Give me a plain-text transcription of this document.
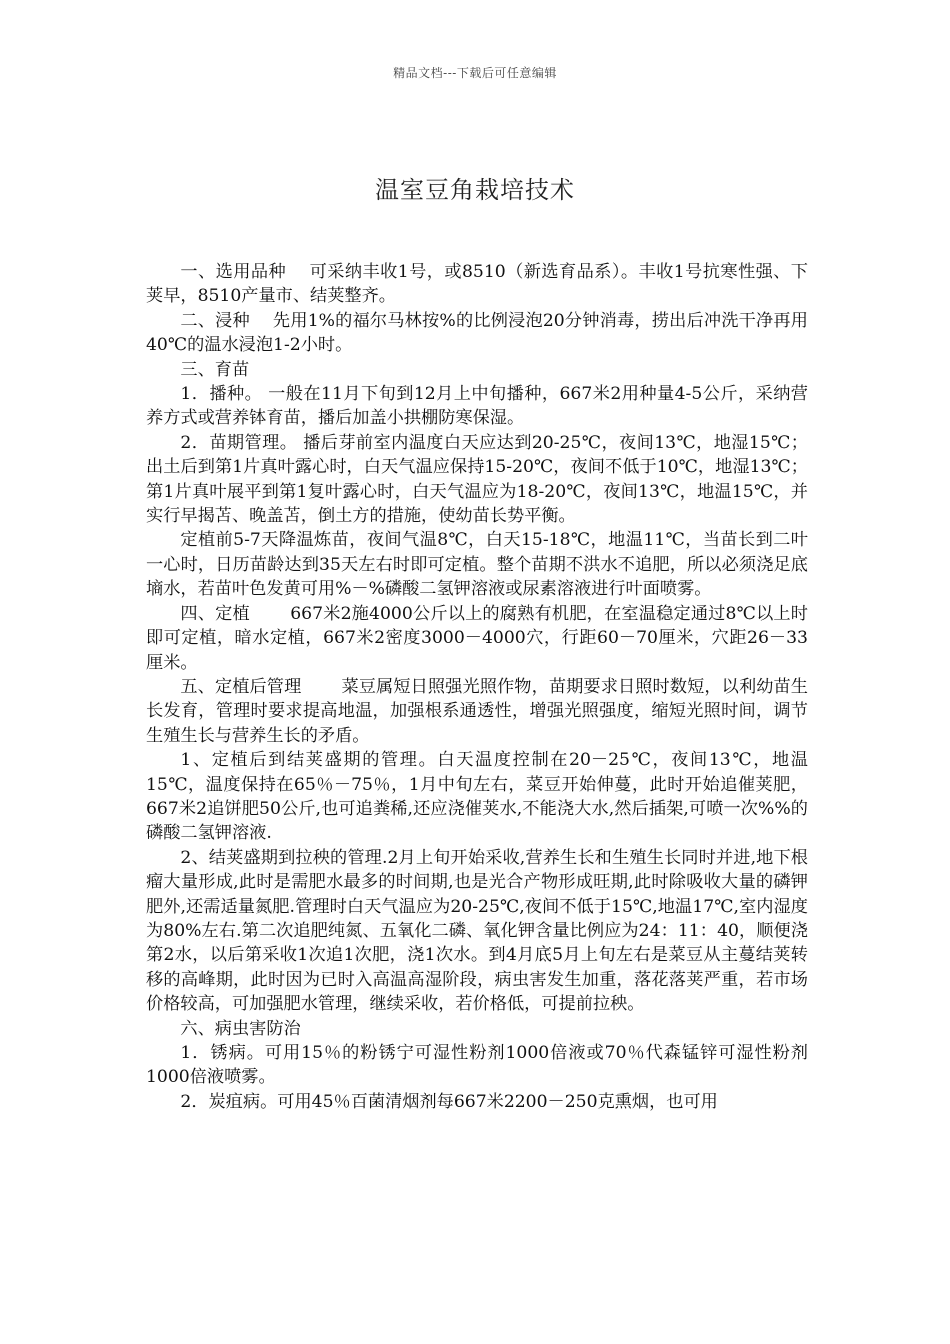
精品文档---下载后可任意编辑
温室豆角栽培技术

一、选用品种　 可采纳丰收1号，或8510（新选育品系）。丰收1号抗寒性强、下荚早，8510产量市、结荚整齐。

二、浸种　 先用1%的福尔马林按%的比例浸泡20分钟消毒，捞出后冲洗干净再用40℃的温水浸泡1-2小时。

三、育苗

1．播种。 一般在11月下旬到12月上中旬播种，667米2用种量4-5公斤，采纳营养方式或营养钵育苗，播后加盖小拱棚防寒保湿。

2．苗期管理。 播后芽前室内温度白天应达到20-25℃，夜间13℃，地湿15℃；出土后到第1片真叶露心时，白天气温应保持15-20℃，夜间不低于10℃，地湿13℃；第1片真叶展平到第1复叶露心时，白天气温应为18-20℃，夜间13℃，地温15℃，并实行早揭苫、晚盖苫，倒土方的措施，使幼苗长势平衡。

定植前5-7天降温炼苗，夜间气温8℃，白天15-18℃，地温11℃，当苗长到二叶一心时，日历苗龄达到35天左右时即可定植。整个苗期不洪水不追肥，所以必须浇足底墒水，若苗叶色发黄可用%－%磷酸二氢钾溶液或尿素溶液进行叶面喷雾。

四、定植　　 667米2施4000公斤以上的腐熟有机肥，在室温稳定通过8℃以上时即可定植，暗水定植，667米2密度3000－4000穴，行距60－70厘米，穴距26－33厘米。

五、定植后管理　　 菜豆属短日照强光照作物，苗期要求日照时数短，以利幼苗生长发育，管理时要求提高地温，加强根系通透性，增强光照强度，缩短光照时间，调节生殖生长与营养生长的矛盾。

1、定植后到结荚盛期的管理。白天温度控制在20－25℃，夜间13℃，地温15℃，温度保持在65％－75％，1月中旬左右，菜豆开始伸蔓，此时开始追催荚肥，667米2追饼肥50公斤,也可追粪稀,还应浇催荚水,不能浇大水,然后插架,可喷一次%%的磷酸二氢钾溶液.

2、结荚盛期到拉秧的管理.2月上旬开始采收,营养生长和生殖生长同时并进,地下根瘤大量形成,此时是需肥水最多的时间期,也是光合产物形成旺期,此时除吸收大量的磷钾肥外,还需适量氮肥.管理时白天气温应为20-25℃,夜间不低于15℃,地温17℃,室内湿度为80%左右.第二次追肥纯氮、五氧化二磷、氧化钾含量比例应为24：11：40，顺便浇第2水，以后第采收1次追1次肥，浇1次水。到4月底5月上旬左右是菜豆从主蔓结荚转移的高峰期，此时因为已时入高温高湿阶段，病虫害发生加重，落花落荚严重，若市场价格较高，可加强肥水管理，继续采收，若价格低，可提前拉秧。

六、病虫害防治

1．锈病。可用15％的粉锈宁可湿性粉剂1000倍液或70％代森锰锌可湿性粉剂1000倍液喷雾。

2．炭疽病。可用45％百菌清烟剂每667米2200－250克熏烟，也可用
